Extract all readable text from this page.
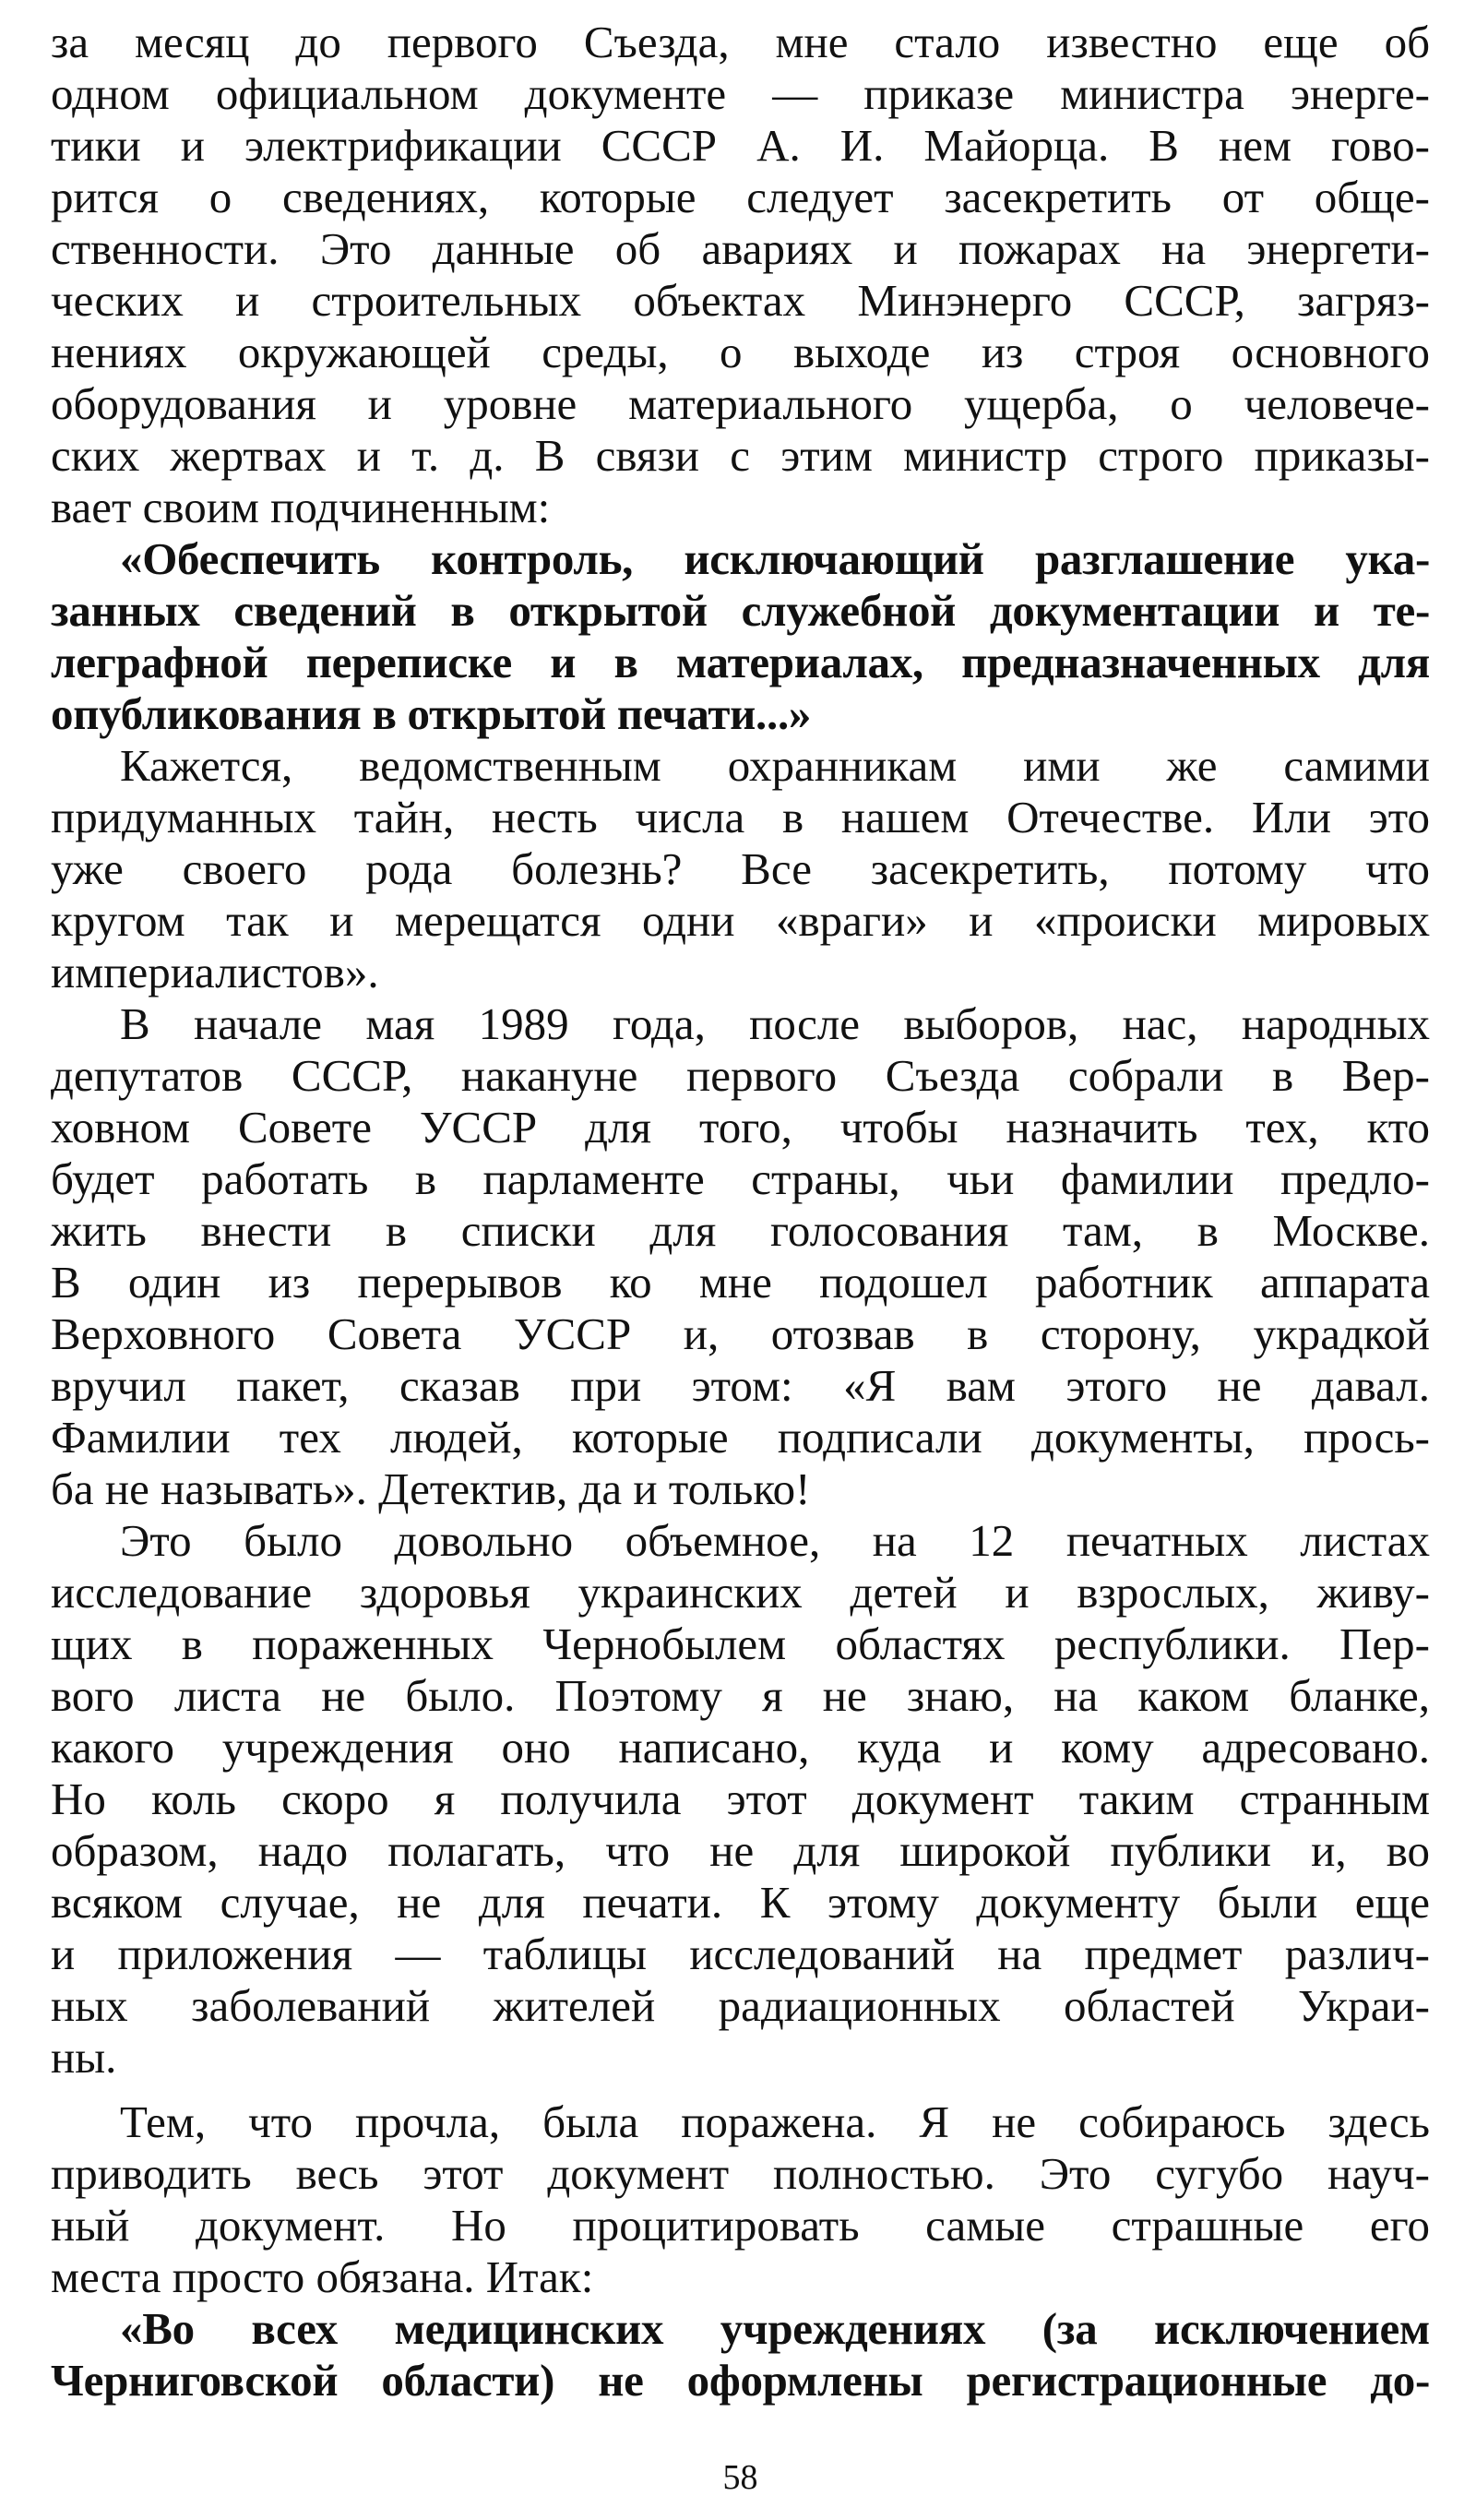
за месяц до первого Съезда, мне стало известно еще об
одном официальном документе — приказе министра энерге-
тики и электрификации СССР А. И. Майорца. В нем гово-
рится о сведениях, которые следует засекретить от обще-
ственности. Это данные об авариях и пожарах на энергети-
ческих и строительных объектах Минэнерго СССР, загряз-
нениях окружающей среды, о выходе из строя основного
оборудования и уровне материального ущерба, о человече-
ских жертвах и т. д. В связи с этим министр строго приказы-
вает своим подчиненным:
«Обеспечить контроль, исключающий разглашение ука-
занных сведений в открытой служебной документации и те-
леграфной переписке и в материалах, предназначенных для
опубликования в открытой печати...»
Кажется, ведомственным охранникам ими же самими
придуманных тайн, несть числа в нашем Отечестве. Или это
уже своего рода болезнь? Все засекретить, потому что
кругом так и мерещатся одни «враги» и «происки мировых
империалистов».
В начале мая 1989 года, после выборов, нас, народных
депутатов СССР, накануне первого Съезда собрали в Вер-
ховном Совете УССР для того, чтобы назначить тех, кто
будет работать в парламенте страны, чьи фамилии предло-
жить внести в списки для голосования там, в Москве.
В один из перерывов ко мне подошел работник аппарата
Верховного Совета УССР и, отозвав в сторону, украдкой
вручил пакет, сказав при этом: «Я вам этого не давал.
Фамилии тех людей, которые подписали документы, прось-
ба не называть». Детектив, да и только!
Это было довольно объемное, на 12 печатных листах
исследование здоровья украинских детей и взрослых, живу-
щих в пораженных Чернобылем областях республики. Пер-
вого листа не было. Поэтому я не знаю, на каком бланке,
какого учреждения оно написано, куда и кому адресовано.
Но коль скоро я получила этот документ таким странным
образом, надо полагать, что не для широкой публики и, во
всяком случае, не для печати. К этому документу были еще
и приложения — таблицы исследований на предмет различ-
ных заболеваний жителей радиационных областей Украи-
ны.
Тем, что прочла, была поражена. Я не собираюсь здесь
приводить весь этот документ полностью. Это сугубо науч-
ный документ. Но процитировать самые страшные его
места просто обязана. Итак:
«Во всех медицинских учреждениях (за исключением
Черниговской области) не оформлены регистрационные до-
58
